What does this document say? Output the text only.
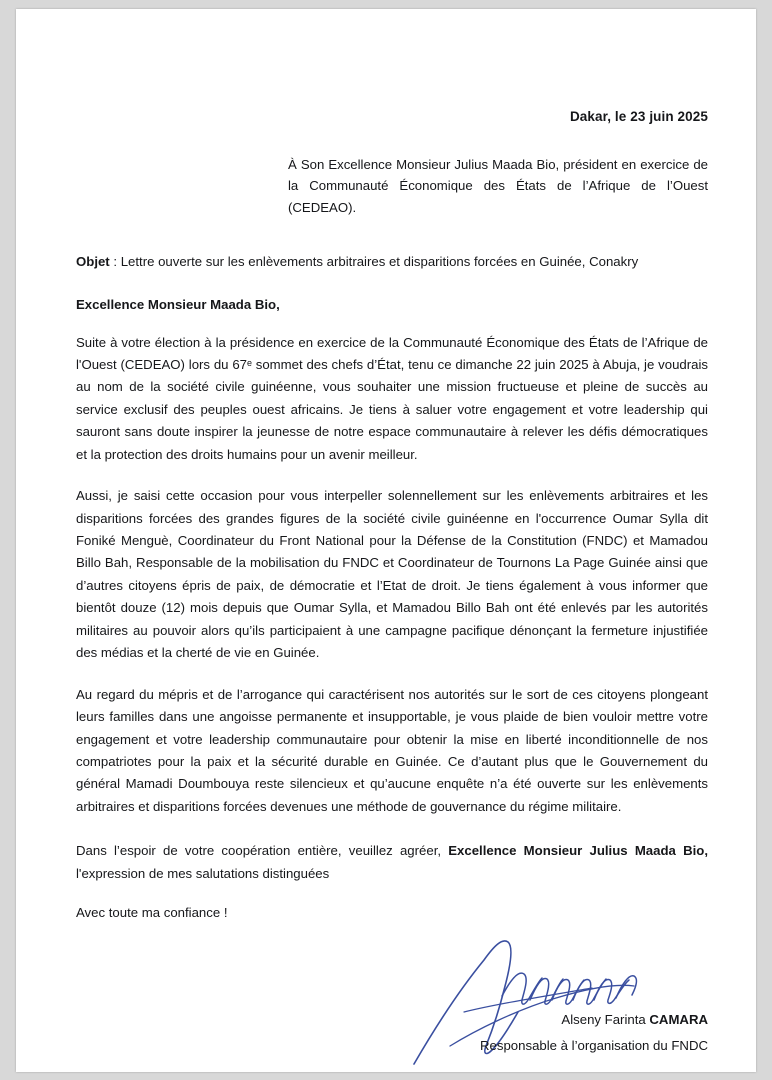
Dakar, le 23 juin 2025
À Son Excellence Monsieur Julius Maada Bio, président en exercice de la Communauté Économique des États de l’Afrique de l’Ouest (CEDEAO).
Objet : Lettre ouverte sur les enlèvements arbitraires et disparitions forcées en Guinée, Conakry
Excellence Monsieur Maada Bio,

Suite à votre élection à la présidence en exercice de la Communauté Économique des États de l’Afrique de l'Ouest (CEDEAO) lors du 67ᵉ sommet des chefs d’État, tenu ce dimanche 22 juin 2025 à Abuja, je voudrais au nom de la société civile guinéenne, vous souhaiter une mission fructueuse et pleine de succès au service exclusif des peuples ouest africains. Je tiens à saluer votre engagement et votre leadership qui sauront sans doute inspirer la jeunesse de notre espace communautaire à relever les défis démocratiques et la protection des droits humains pour un avenir meilleur.

Aussi, je saisi cette occasion pour vous interpeller solennellement sur les enlèvements arbitraires et les disparitions forcées des grandes figures de la société civile guinéenne en l'occurrence Oumar Sylla dit Foniké Menguè, Coordinateur du Front National pour la Défense de la Constitution (FNDC) et Mamadou Billo Bah, Responsable de la mobilisation du FNDC et Coordinateur de Tournons La Page Guinée ainsi que d’autres citoyens épris de paix, de démocratie et l’Etat de droit. Je tiens également à vous informer que bientôt douze (12) mois depuis que Oumar Sylla, et Mamadou Billo Bah ont été enlevés par les autorités militaires au pouvoir alors qu’ils participaient à une campagne pacifique dénonçant la fermeture injustifiée des médias et la cherté de vie en Guinée.

Au regard du mépris et de l’arrogance qui caractérisent nos autorités sur le sort de ces citoyens plongeant leurs familles dans une angoisse permanente et insupportable, je vous plaide de bien vouloir mettre votre engagement et votre leadership communautaire pour obtenir la mise en liberté inconditionnelle de nos compatriotes pour la paix et la sécurité durable en Guinée. Ce d’autant plus que le Gouvernement du général Mamadi Doumbouya reste silencieux et qu’aucune enquête n’a été ouverte sur les enlèvements arbitraires et disparitions forcées devenues une méthode de gouvernance du régime militaire.

Dans l’espoir de votre coopération entière, veuillez agréer, Excellence Monsieur Julius Maada Bio, l'expression de mes salutations distinguées
Avec toute ma confiance !
Alseny Farinta CAMARA
Responsable à l’organisation du FNDC
